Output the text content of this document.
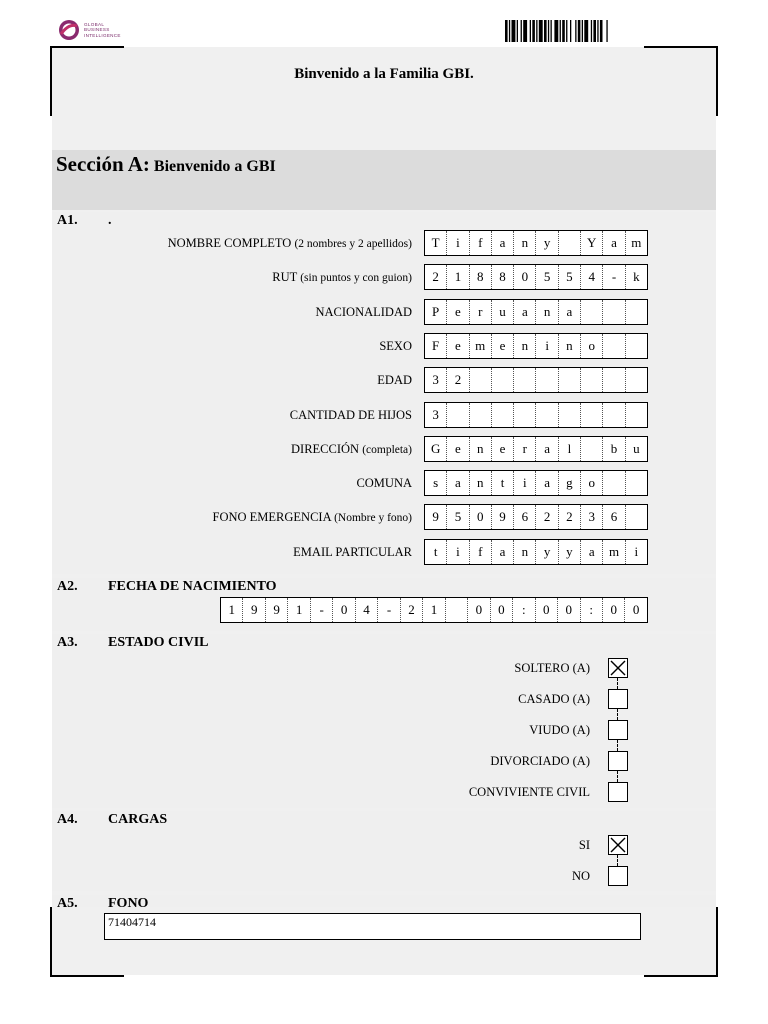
GLOBAL
BUSINESS
INTELLIGENCE
Binvenido a la Familia GBI.
Sección A: Bienvenido a GBI
A1. .
NOMBRE COMPLETO (2 nombres y 2 apellidos)	T	i	f	a	n	y	Y	a	m
RUT (sin puntos y con guion)	2	1	8	8	0	5	5	4	-	k
NACIONALIDAD	P	e	r	u	a	n	a
SEXO	F	e	m	e	n	i	n	o
EDAD	3	2
CANTIDAD DE HIJOS	3
DIRECCIÓN (completa)	G	e	n	e	r	a	l	b	u
COMUNA	s	a	n	t	i	a	g	o
FONO EMERGENCIA (Nombre y fono)	9	5	0	9	6	2	2	3	6
EMAIL PARTICULAR	t	i	f	a	n	y	y	a	m	i
A2. FECHA DE NACIMIENTO
1	9	9	1	-	0	4	-	2	1	0	0	:	0	0	:	0	0
A3. ESTADO CIVIL
SOLTERO (A)
CASADO (A)
VIUDO (A)
DIVORCIADO (A)
CONVIVIENTE CIVIL
A4. CARGAS
SI
NO
A5. FONO
71404714
